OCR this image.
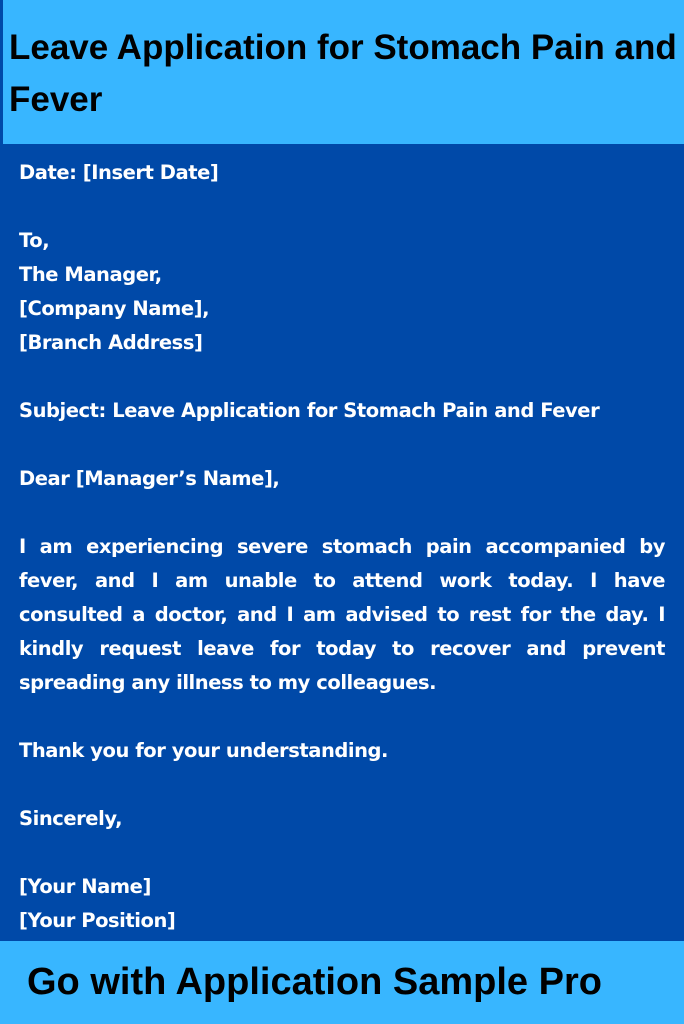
Leave Application for Stomach Pain and Fever
Date: [Insert Date]
To,
The Manager,
[Company Name],
[Branch Address]
Subject: Leave Application for Stomach Pain and Fever
Dear [Manager’s Name],
I am experiencing severe stomach pain accompanied by fever, and I am unable to attend work today. I have consulted a doctor, and I am advised to rest for the day. I kindly request leave for today to recover and prevent spreading any illness to my colleagues.
Thank you for your understanding.
Sincerely,
[Your Name]
[Your Position]
Go with Application Sample Pro
